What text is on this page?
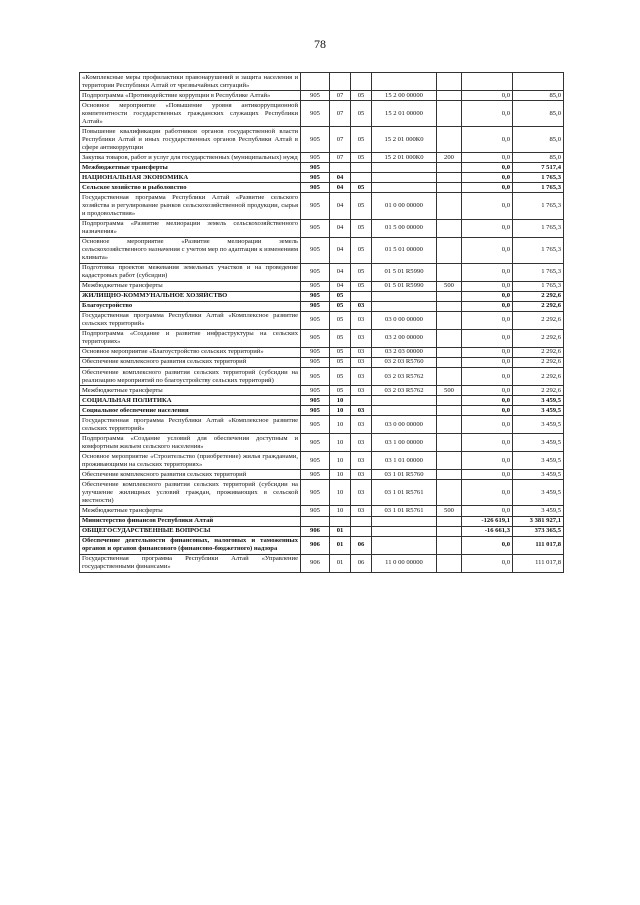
78
«Комплексные меры профилактики правонарушений и защита населения и территории Республики Алтай от чрезвычайных ситуаций»							
Подпрограмма «Противодействие коррупции в Республике Алтай»	905	07	05	15 2 00 00000		0,0	85,0
Основное мероприятие «Повышение уровня антикоррупционной компетентности государственных гражданских служащих Республики Алтай»	905	07	05	15 2 01 00000		0,0	85,0
Повышение квалификации работников органов государственной власти Республики Алтай и иных государственных органов Республики Алтай в сфере антикоррупции	905	07	05	15 2 01 000К0		0,0	85,0
Закупка товаров, работ и услуг для государственных (муниципальных) нужд	905	07	05	15 2 01 000К0	200	0,0	85,0
Межбюджетные трансферты	905					0,0	7 517,4
НАЦИОНАЛЬНАЯ ЭКОНОМИКА	905	04				0,0	1 765,3
Сельское хозяйство и рыболовство	905	04	05			0,0	1 765,3
Государственная программа Республики Алтай «Развитие сельского хозяйства и регулирование рынков сельскохозяйственной продукции, сырья и продовольствия»	905	04	05	01 0 00 00000		0,0	1 765,3
Подпрограмма «Развитие мелиорации земель сельскохозяйственного назначения»	905	04	05	01 5 00 00000		0,0	1 765,3
Основное мероприятие «Развитие мелиорации земель сельскохозяйственного назначения с учетом мер по адаптации к изменениям климата»	905	04	05	01 5 01 00000		0,0	1 765,3
Подготовка проектов межевания земельных участков и на проведение кадастровых работ (субсидии)	905	04	05	01 5 01 R5990		0,0	1 765,3
Межбюджетные трансферты	905	04	05	01 5 01 R5990	500	0,0	1 765,3
ЖИЛИЩНО-КОММУНАЛЬНОЕ ХОЗЯЙСТВО	905	05				0,0	2 292,6
Благоустройство	905	05	03			0,0	2 292,6
Государственная программа Республики Алтай «Комплексное развитие сельских территорий»	905	05	03	03 0 00 00000		0,0	2 292,6
Подпрограмма «Создание и развитие инфраструктуры на сельских территориях»	905	05	03	03 2 00 00000		0,0	2 292,6
Основное мероприятие «Благоустройство сельских территорий»	905	05	03	03 2 03 00000		0,0	2 292,6
Обеспечение комплексного развития сельских территорий	905	05	03	03 2 03 R5760		0,0	2 292,6
Обеспечение комплексного развития сельских территорий (субсидии на реализацию мероприятий по благоустройству сельских территорий)	905	05	03	03 2 03 R5762		0,0	2 292,6
Межбюджетные трансферты	905	05	03	03 2 03 R5762	500	0,0	2 292,6
СОЦИАЛЬНАЯ ПОЛИТИКА	905	10				0,0	3 459,5
Социальное обеспечение населения	905	10	03			0,0	3 459,5
Государственная программа Республики Алтай «Комплексное развитие сельских территорий»	905	10	03	03 0 00 00000		0,0	3 459,5
Подпрограмма «Создание условий для обеспечения доступным и комфортным жильем сельского населения»	905	10	03	03 1 00 00000		0,0	3 459,5
Основное мероприятие «Строительство (приобретение) жилья гражданами, проживающими на сельских территориях»	905	10	03	03 1 01 00000		0,0	3 459,5
Обеспечение комплексного развития сельских территорий	905	10	03	03 1 01 R5760		0,0	3 459,5
Обеспечение комплексного развития сельских территорий (субсидии на улучшение жилищных условий граждан, проживающих в сельской местности)	905	10	03	03 1 01 R5761		0,0	3 459,5
Межбюджетные трансферты	905	10	03	03 1 01 R5761	500	0,0	3 459,5
Министерство финансов Республики Алтай						-126 619,1	3 381 927,1
ОБЩЕГОСУДАРСТВЕННЫЕ ВОПРОСЫ	906	01				-16 661,3	373 365,5
Обеспечение деятельности финансовых, налоговых и таможенных органов и органов финансового (финансово-бюджетного) надзора	906	01	06			0,0	111 017,8
Государственная программа Республики Алтай «Управление государственными финансами»	906	01	06	11 0 00 00000		0,0	111 017,8
